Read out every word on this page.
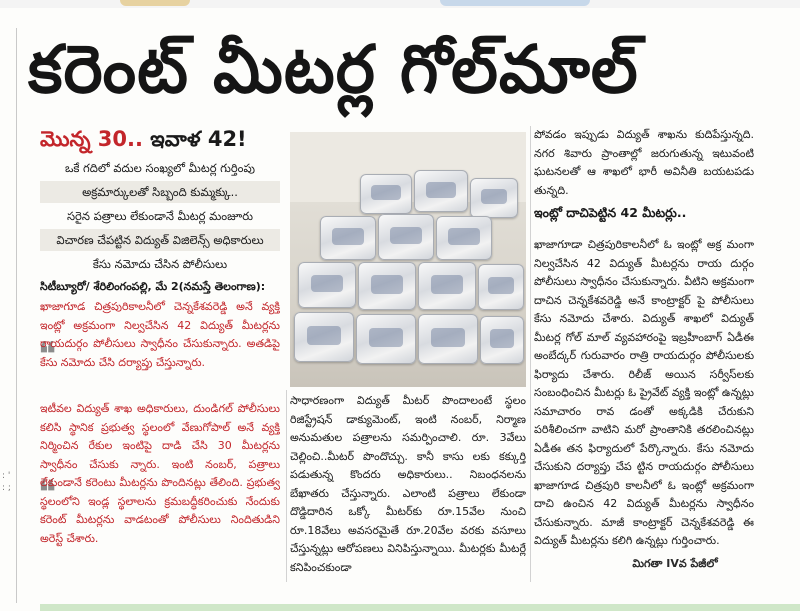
: ' : ;
కరెంట్ మీటర్ల గోల్‌మాల్
మొన్న 30.. ఇవాళ 42!
ఒకే గదిలో వదుల సంఖ్యలో మీటర్ల గుర్తింపు
అక్రమార్కులతో సిబ్బంది కుమ్మక్కు..
సరైన పత్రాలు లేకుండానే మీటర్ల మంజూరు
విచారణ చేపట్టిన విద్యుత్‌ విజిలెన్స్‌ అధికారులు
కేసు నమోదు చేసిన పోలీసులు
సిటీబ్యూరో/ శేరిలింగంపల్లి, మే 2(నమస్తే తెలంగాణ):
❝
ఖాజాగూడ చిత్రపురికాలనీలో చెన్నకేశవరెడ్డి అనే వ్యక్తి ఇంట్లో అక్రమంగా నిల్వచేసిన 42 విద్యుత్‌ మీటర్లను రాయదుర్గం పోలీసులు స్వాధీనం చేసుకున్నారు. అతడిపై కేసు నమోదు చేసి దర్యాప్తు చేస్తున్నారు.
❝
ఇటీవల విద్యుత్‌ శాఖ అధికారులు, దుండిగల్‌ పోలీసులు కలిసి స్థానిక ప్రభుత్వ స్థలంలో వేణుగోపాల్‌ అనే వ్యక్తి నిర్మించిన రేకుల ఇంటిపై దాడి చేసి 30 మీటర్లను స్వాధీనం చేసుకు న్నారు. ఇంటి నంబర్‌, పత్రాలు లేకుండానే కరెంటు మీటర్లను పొందినట్లు తేలింది. ప్రభుత్వ స్థలంలోని ఇండ్ల స్థలాలను క్రమబద్ధీకరించుకు నేందుకు కరెంట్‌ మీటర్లను వాడటంతో పోలీసులు నిందితుడిని అరెస్ట్‌ చేశారు.
సాధారణంగా విద్యుత్‌ మీటర్‌ పొందాలంటే స్థలం రిజిస్ట్రేషన్‌ డాక్యుమెంట్‌, ఇంటి నంబర్‌, నిర్మాణ అనుమతుల పత్రాలను సమర్పించాలి. రూ. 3వేలు చెల్లించి..మీటర్‌ పొందొచ్చు. కానీ కాసు లకు కక్కుర్తి పడుతున్న కొందరు అధికారులు.. నిబంధనలను బేఖాతరు చేస్తున్నారు. ఎలాంటి పత్రాలు లేకుండా దొడ్డిదారిన ఒక్కో మీటర్‌కు రూ.15వేల నుంచి రూ.18వేలు అవసరమైతే రూ.20వేల వరకు వసూలు చేస్తున్నట్లు ఆరోపణలు వినిపిస్తున్నాయి. మీటర్లకు మీటర్లే కనిపించకుండా
పోవడం ఇప్పుడు విద్యుత్‌ శాఖను కుదిపేస్తున్నది. నగర శివారు ప్రాంతాల్లో జరుగుతున్న ఇటువంటి ఘటనలతో ఆ శాఖలో భారీ అవినీతి బయటపడు తున్నది.
ఇంట్లో దాచిపెట్టిన 42 మీటర్లు..
ఖాజాగూడా చిత్రపురికాలనీలో ఓ ఇంట్లో అక్ర మంగా నిల్వచేసిన 42 విద్యుత్‌ మీటర్లను రాయ దుర్గం పోలీసులు స్వాధీనం చేసుకున్నారు. వీటిని అక్రమంగా దాచిన చెన్నకేశవరెడ్డి అనే కాంట్రాక్టర్‌ పై పోలీసులు కేసు నమోదు చేశారు. విద్యుత్‌ శాఖలో విద్యుత్‌ మీటర్ల గోల్‌ మాల్‌ వ్యవహారంపై ఇబ్రహీంబాగ్‌ ఏడీఈ అంబేద్కర్‌ గురువారం రాత్రి రాయదుర్గం పోలీసులకు ఫిర్యాదు చేశారు. రిలీజ్‌ అయిన సర్వీస్‌లకు సంబంధించిన మీటర్లు ఓ ప్రైవేట్‌ వ్యక్తి ఇంట్లో ఉన్నట్లు సమాచారం రావ డంతో అక్కడికి చేరుకుని పరిశీలించగా వాటిని మరో ప్రాంతానికి తరలించినట్లు ఏడీఈ తన ఫిర్యాదులో పేర్కొన్నారు. కేసు నమోదు చేసుకుని దర్యాప్తు చేప ట్టిన రాయదుర్గం పోలీసులు ఖాజాగూడ చిత్రపురి కాలనీలో ఓ ఇంట్లో అక్రమంగా దాచి ఉంచిన 42 విద్యుత్‌ మీటర్లను స్వాధీనం చేసుకున్నారు. మాజీ కాంట్రాక్టర్‌ చెన్నకేశవరెడ్డి ఈ విద్యుత్‌ మీటర్లను కలిగి ఉన్నట్లు గుర్తించారు.
మిగతా IVవ పేజీలో
